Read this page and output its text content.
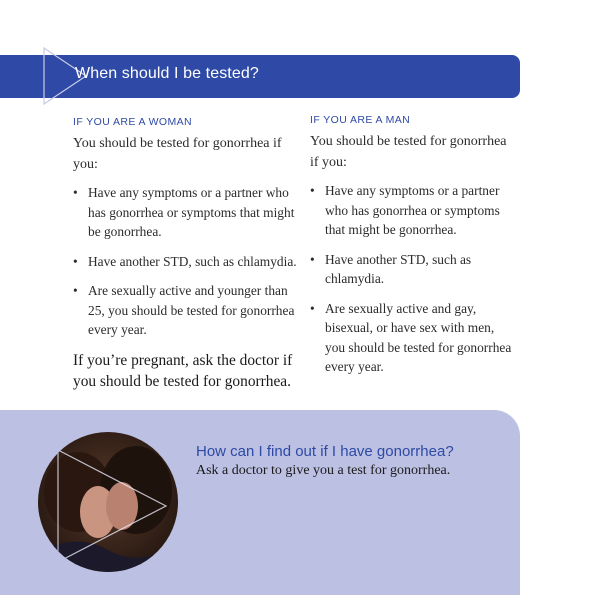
When should I be tested?
IF YOU ARE A WOMAN
You should be tested for gonorrhea if you:
• Have any symptoms or a partner who has gonorrhea or symptoms that might be gonorrhea.
• Have another STD, such as chlamydia.
• Are sexually active and younger than 25, you should be tested for gonorrhea every year.
If you’re pregnant, ask the doctor if you should be tested for gonorrhea.
IF YOU ARE A MAN
You should be tested for gonorrhea if you:
• Have any symptoms or a partner who has gonorrhea or symptoms that might be gonorrhea.
• Have another STD, such as chlamydia.
• Are sexually active and gay, bisexual, or have sex with men, you should be tested for gonorrhea every year.
How can I find out if I have gonorrhea?
Ask a doctor to give you a test for gonorrhea.
